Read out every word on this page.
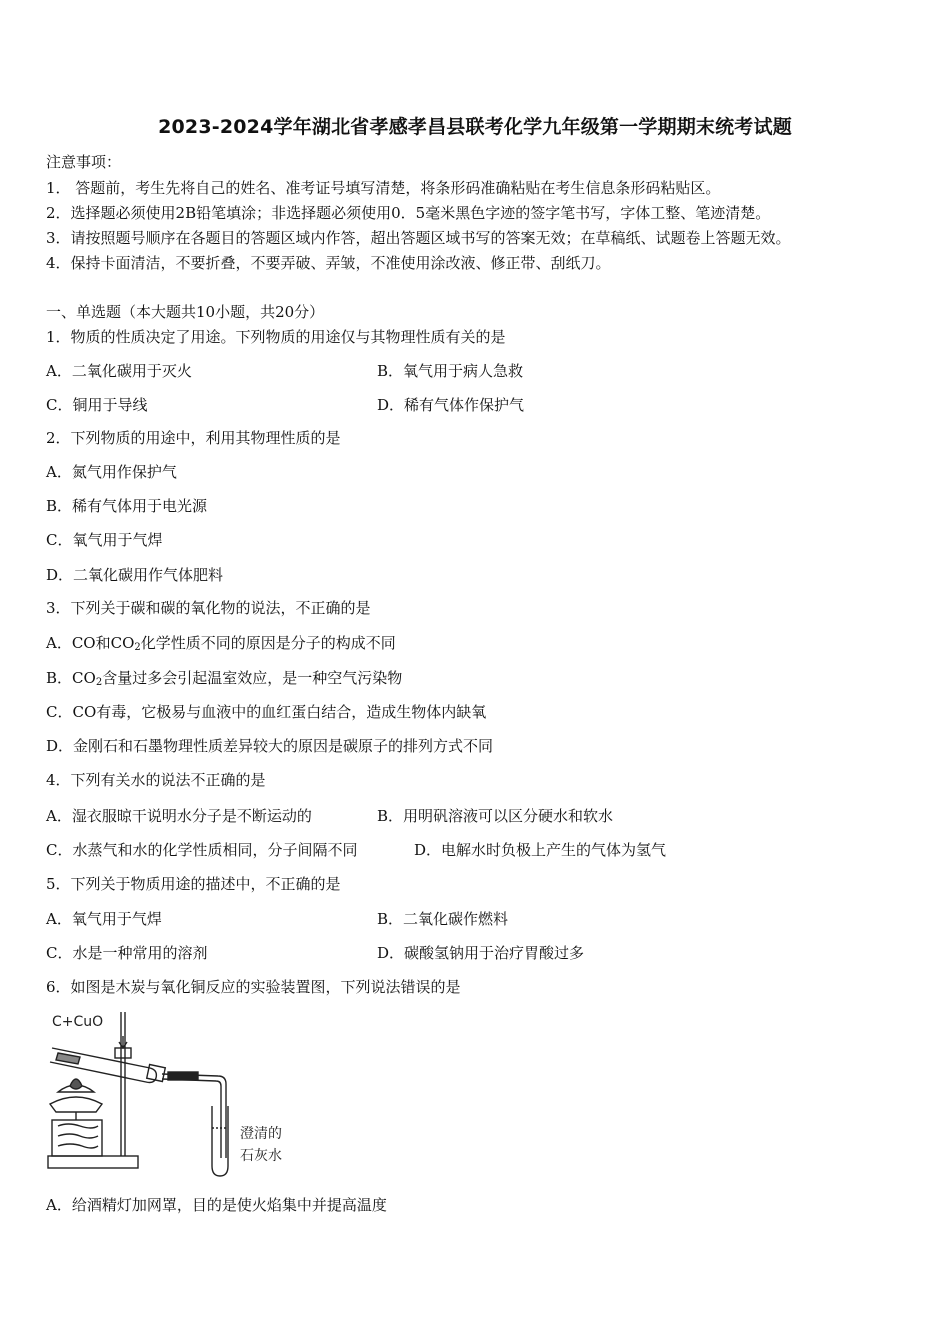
2023-2024学年湖北省孝感孝昌县联考化学九年级第一学期期末统考试题
注意事项：
1． 答题前，考生先将自己的姓名、准考证号填写清楚，将条形码准确粘贴在考生信息条形码粘贴区。
2．选择题必须使用2B铅笔填涂；非选择题必须使用0．5毫米黑色字迹的签字笔书写，字体工整、笔迹清楚。
3．请按照题号顺序在各题目的答题区域内作答，超出答题区域书写的答案无效；在草稿纸、试题卷上答题无效。
4．保持卡面清洁，不要折叠，不要弄破、弄皱，不准使用涂改液、修正带、刮纸刀。
一、单选题（本大题共10小题，共20分）
1．物质的性质决定了用途。下列物质的用途仅与其物理性质有关的是
A．二氧化碳用于灭火	B．氧气用于病人急救
C．铜用于导线	D．稀有气体作保护气
2．下列物质的用途中，利用其物理性质的是
A．氮气用作保护气
B．稀有气体用于电光源
C．氧气用于气焊
D．二氧化碳用作气体肥料
3．下列关于碳和碳的氧化物的说法，不正确的是
A．CO和$CO_2$化学性质不同的原因是分子的构成不同
B．$CO_2$含量过多会引起温室效应，是一种空气污染物
C．CO有毒，它极易与血液中的血红蛋白结合，造成生物体内缺氧
D．金刚石和石墨物理性质差异较大的原因是碳原子的排列方式不同
4．下列有关水的说法不正确的是
A．湿衣服晾干说明水分子是不断运动的	B．用明矾溶液可以区分硬水和软水
C．水蒸气和水的化学性质相同，分子间隔不同	D．电解水时负极上产生的气体为氢气
5．下列关于物质用途的描述中，不正确的是
A．氧气用于气焊	B．二氧化碳作燃料
C．水是一种常用的溶剂	D．碳酸氢钠用于治疗胃酸过多
6．如图是木炭与氧化铜反应的实验装置图，下列说法错误的是
C+CuO
澄清的
石灰水
A．给酒精灯加网罩，目的是使火焰集中并提高温度
